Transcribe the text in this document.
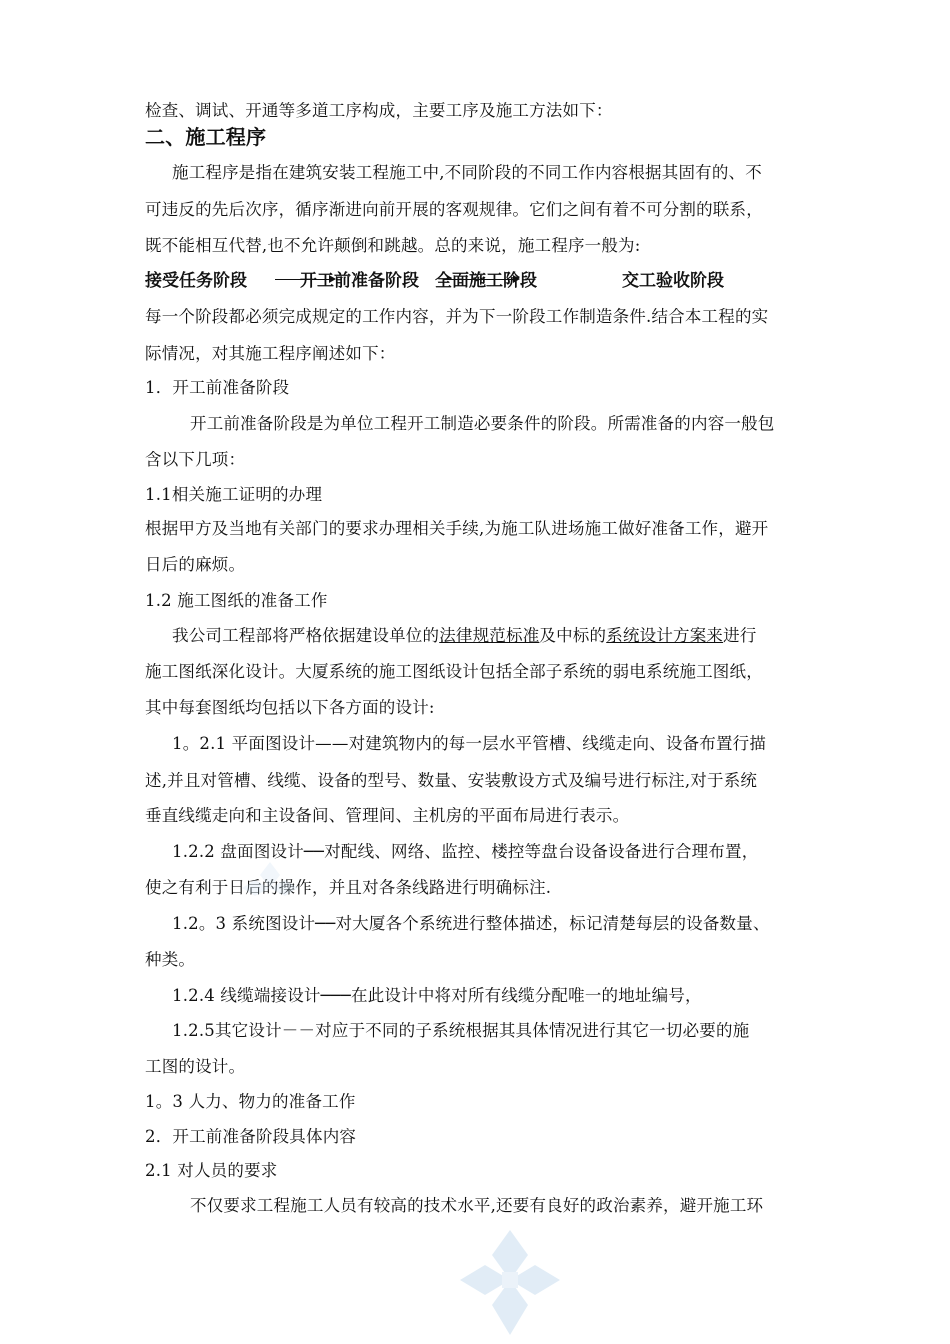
检查、调试、开通等多道工序构成，主要工序及施工方法如下：
二、施工程序
施工程序是指在建筑安装工程施工中,不同阶段的不同工作内容根据其固有的、不
可违反的先后次序，循序渐进向前开展的客观规律。它们之间有着不可分割的联系，
既不能相互代替,也不允许颠倒和跳越。总的来说，施工程序一般为:
接受任务阶段	开工前准备阶段 全面施工阶段	交工验收阶段
每一个阶段都必须完成规定的工作内容，并为下一阶段工作制造条件.结合本工程的实
际情况，对其施工程序阐述如下：
1．开工前准备阶段
开工前准备阶段是为单位工程开工制造必要条件的阶段。所需准备的内容一般包
含以下几项：
1.1相关施工证明的办理
根据甲方及当地有关部门的要求办理相关手续,为施工队进场施工做好准备工作，避开
日后的麻烦。
1.2 施工图纸的准备工作
我公司工程部将严格依据建设单位的法律规范标准及中标的系统设计方案来进行
施工图纸深化设计。大厦系统的施工图纸设计包括全部子系统的弱电系统施工图纸，
其中每套图纸均包括以下各方面的设计:
1。2.1 平面图设计——对建筑物内的每一层水平管槽、线缆走向、设备布置行描
述,并且对管槽、线缆、设备的型号、数量、安装敷设方式及编号进行标注,对于系统
垂直线缆走向和主设备间、管理间、主机房的平面布局进行表示。
1.2.2 盘面图设计──对配线、网络、监控、楼控等盘台设备设备进行合理布置，
使之有利于日后的操作，并且对各条线路进行明确标注.
1.2。3 系统图设计──对大厦各个系统进行整体描述，标记清楚每层的设备数量、
种类。
1.2.4 线缆端接设计───在此设计中将对所有线缆分配唯一的地址编号，
1.2.5其它设计－－对应于不同的子系统根据其具体情况进行其它一切必要的施
工图的设计。
1。3 人力、物力的准备工作
2．开工前准备阶段具体内容
2.1 对人员的要求
不仅要求工程施工人员有较高的技术水平,还要有良好的政治素养，避开施工环
